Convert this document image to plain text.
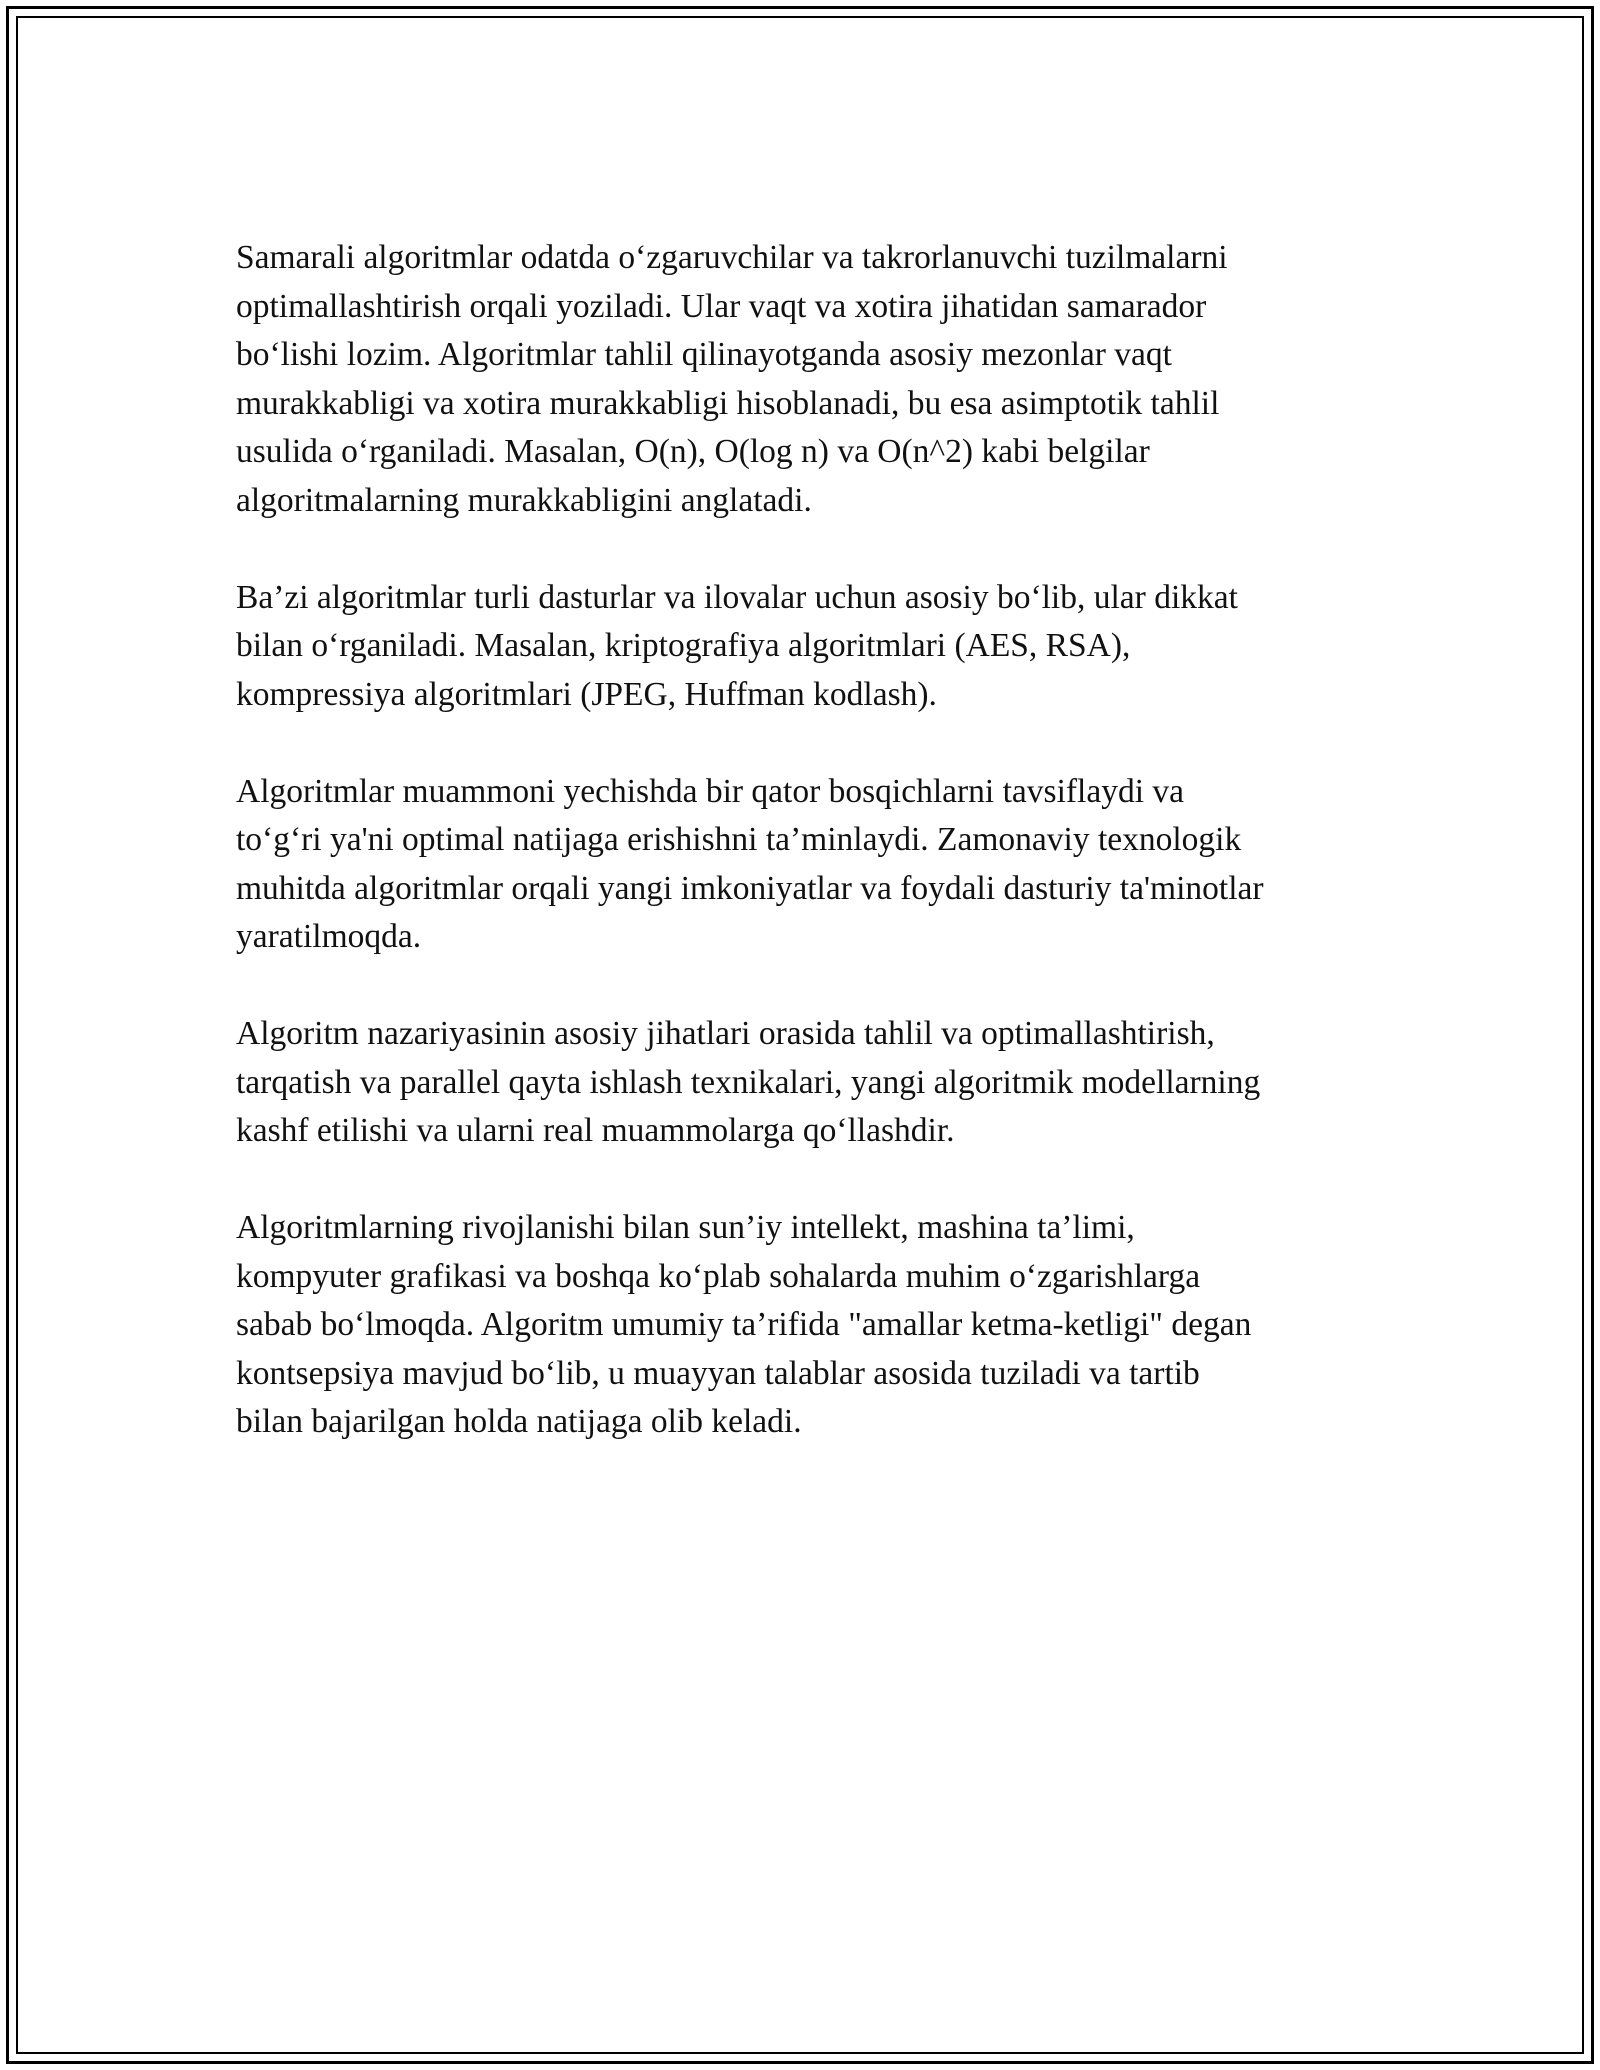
Samarali algoritmlar odatda o‘zgaruvchilar va takrorlanuvchi tuzilmalarni
optimallashtirish orqali yoziladi. Ular vaqt va xotira jihatidan samarador
bo‘lishi lozim. Algoritmlar tahlil qilinayotganda asosiy mezonlar vaqt
murakkabligi va xotira murakkabligi hisoblanadi, bu esa asimptotik tahlil
usulida o‘rganiladi. Masalan, O(n), O(log n) va O(n^2) kabi belgilar
algoritmalarning murakkabligini anglatadi.

Ba’zi algoritmlar turli dasturlar va ilovalar uchun asosiy bo‘lib, ular dikkat
bilan o‘rganiladi. Masalan, kriptografiya algoritmlari (AES, RSA),
kompressiya algoritmlari (JPEG, Huffman kodlash).

Algoritmlar muammoni yechishda bir qator bosqichlarni tavsiflaydi va
to‘g‘ri ya'ni optimal natijaga erishishni ta’minlaydi. Zamonaviy texnologik
muhitda algoritmlar orqali yangi imkoniyatlar va foydali dasturiy ta'minotlar
yaratilmoqda.

Algoritm nazariyasinin asosiy jihatlari orasida tahlil va optimallashtirish,
tarqatish va parallel qayta ishlash texnikalari, yangi algoritmik modellarning
kashf etilishi va ularni real muammolarga qo‘llashdir.

Algoritmlarning rivojlanishi bilan sun’iy intellekt, mashina ta’limi,
kompyuter grafikasi va boshqa ko‘plab sohalarda muhim o‘zgarishlarga
sabab bo‘lmoqda. Algoritm umumiy ta’rifida "amallar ketma-ketligi" degan
kontsepsiya mavjud bo‘lib, u muayyan talablar asosida tuziladi va tartib
bilan bajarilgan holda natijaga olib keladi.
